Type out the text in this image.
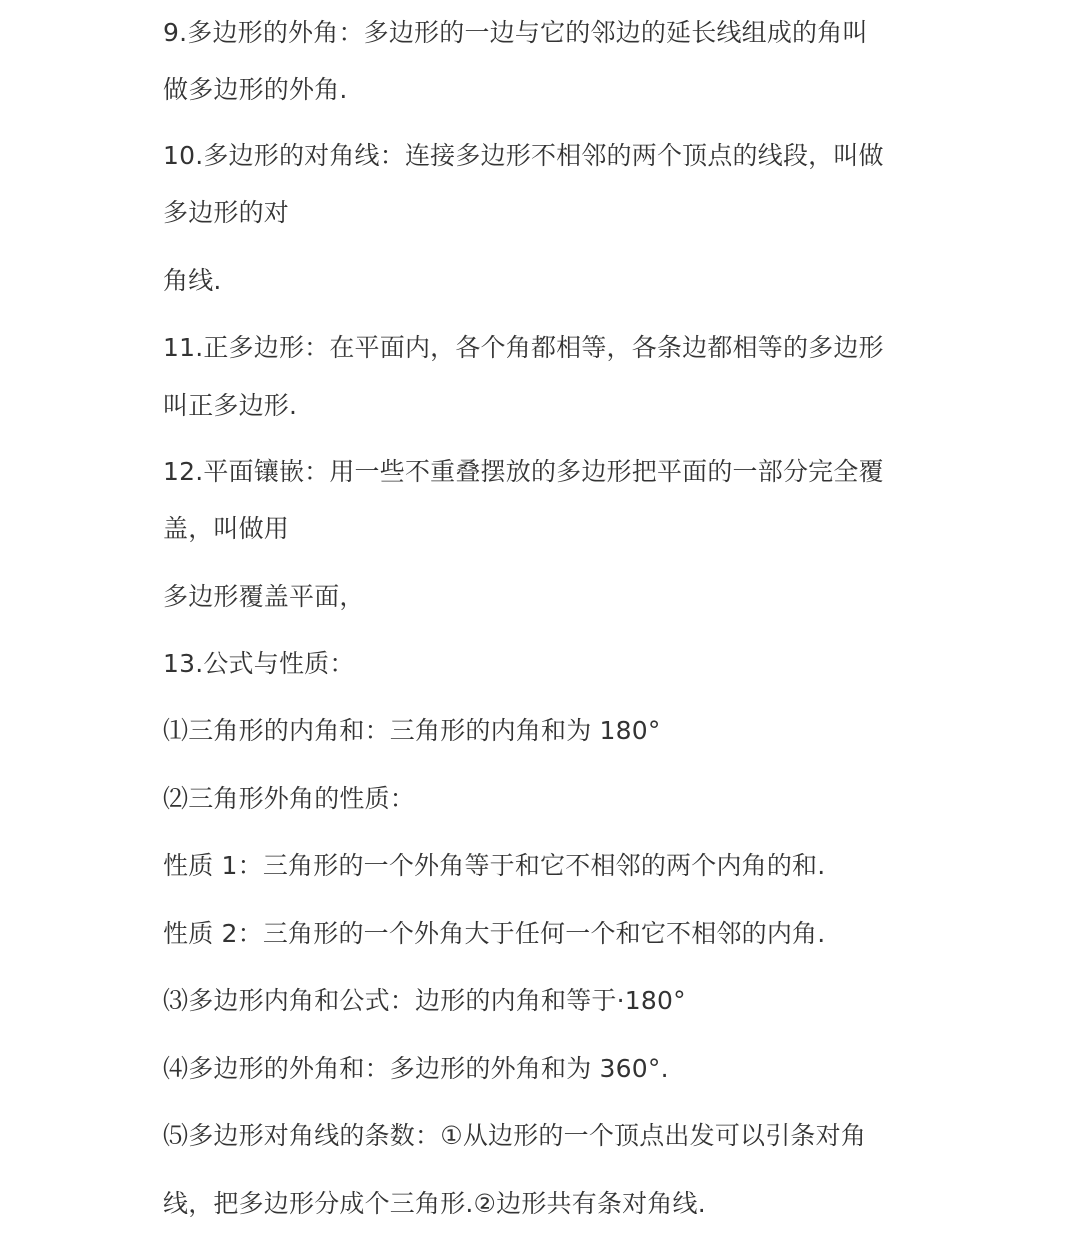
9.多边形的外角：多边形的一边与它的邻边的延长线组成的角叫
做多边形的外角.
10.多边形的对角线：连接多边形不相邻的两个顶点的线段，叫做
多边形的对
角线.
11.正多边形：在平面内，各个角都相等，各条边都相等的多边形
叫正多边形.
12.平面镶嵌：用一些不重叠摆放的多边形把平面的一部分完全覆
盖，叫做用
多边形覆盖平面，
13.公式与性质：
⑴三角形的内角和：三角形的内角和为 180°
⑵三角形外角的性质：
性质 1：三角形的一个外角等于和它不相邻的两个内角的和.
性质 2：三角形的一个外角大于任何一个和它不相邻的内角.
⑶多边形内角和公式：边形的内角和等于·180°
⑷多边形的外角和：多边形的外角和为 360°.
⑸多边形对角线的条数：①从边形的一个顶点出发可以引条对角
线，把多边形分成个三角形.②边形共有条对角线.
